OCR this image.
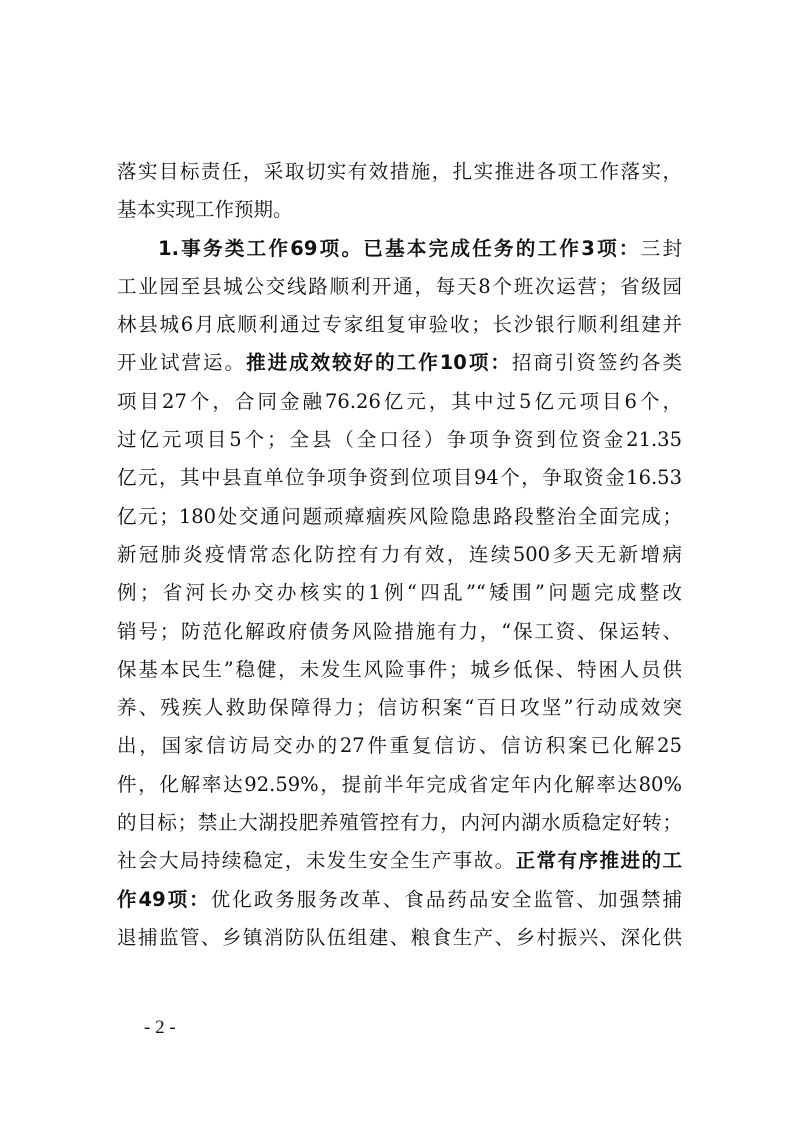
落实目标责任，采取切实有效措施，扎实推进各项工作落实，
基本实现工作预期。
1.事务类工作69项。已基本完成任务的工作3项：三封
工业园至县城公交线路顺利开通，每天8个班次运营；省级园
林县城6月底顺利通过专家组复审验收；长沙银行顺利组建并
开业试营运。推进成效较好的工作10项：招商引资签约各类
项目27个，合同金融76.26亿元，其中过5亿元项目6个，
过亿元项目5个；全县（全口径）争项争资到位资金21.35
亿元，其中县直单位争项争资到位项目94个，争取资金16.53
亿元；180处交通问题顽瘴痼疾风险隐患路段整治全面完成；
新冠肺炎疫情常态化防控有力有效，连续500多天无新增病
例；省河长办交办核实的1例“四乱”“矮围”问题完成整改
销号；防范化解政府债务风险措施有力，“保工资、保运转、
保基本民生”稳健，未发生风险事件；城乡低保、特困人员供
养、残疾人救助保障得力；信访积案“百日攻坚”行动成效突
出，国家信访局交办的27件重复信访、信访积案已化解25
件，化解率达92.59%，提前半年完成省定年内化解率达80%
的目标；禁止大湖投肥养殖管控有力，内河内湖水质稳定好转；
社会大局持续稳定，未发生安全生产事故。正常有序推进的工
作49项：优化政务服务改革、食品药品安全监管、加强禁捕
退捕监管、乡镇消防队伍组建、粮食生产、乡村振兴、深化供
- 2 -
